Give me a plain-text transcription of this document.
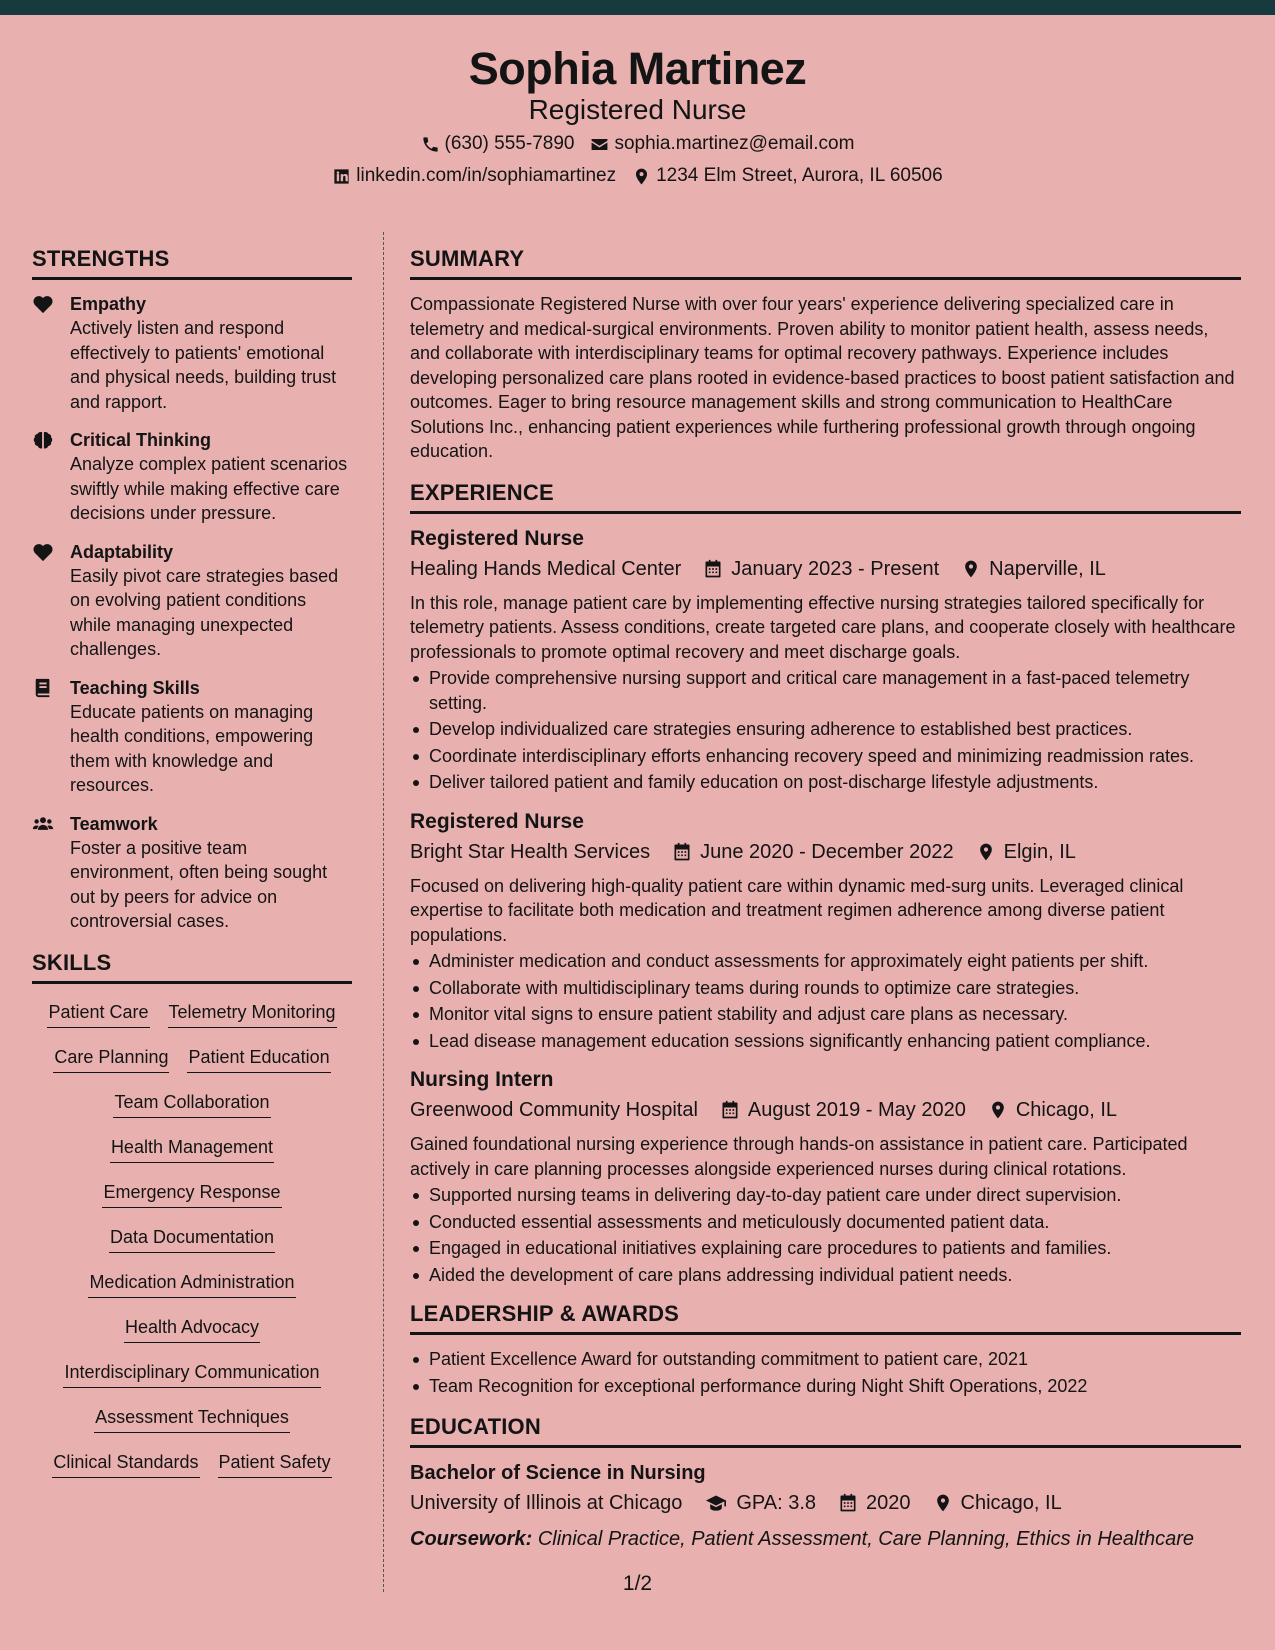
Sophia Martinez
Registered Nurse
(630) 555-7890 sophia.martinez@email.com
linkedin.com/in/sophiamartinez 1234 Elm Street, Aurora, IL 60506
STRENGTHS
Empathy
Actively listen and respond effectively to patients' emotional and physical needs, building trust and rapport.
Critical Thinking
Analyze complex patient scenarios swiftly while making effective care decisions under pressure.
Adaptability
Easily pivot care strategies based on evolving patient conditions while managing unexpected challenges.
Teaching Skills
Educate patients on managing health conditions, empowering them with knowledge and resources.
Teamwork
Foster a positive team environment, often being sought out by peers for advice on controversial cases.
SKILLS
Patient Care Telemetry Monitoring
Care Planning Patient Education
Team Collaboration
Health Management
Emergency Response
Data Documentation
Medication Administration
Health Advocacy
Interdisciplinary Communication
Assessment Techniques
Clinical Standards Patient Safety
SUMMARY
Compassionate Registered Nurse with over four years' experience delivering specialized care in telemetry and medical-surgical environments. Proven ability to monitor patient health, assess needs, and collaborate with interdisciplinary teams for optimal recovery pathways. Experience includes developing personalized care plans rooted in evidence-based practices to boost patient satisfaction and outcomes. Eager to bring resource management skills and strong communication to HealthCare Solutions Inc., enhancing patient experiences while furthering professional growth through ongoing education.
EXPERIENCE
Registered Nurse
Healing Hands Medical Center	January 2023 - Present	Naperville, IL
In this role, manage patient care by implementing effective nursing strategies tailored specifically for telemetry patients. Assess conditions, create targeted care plans, and cooperate closely with healthcare professionals to promote optimal recovery and meet discharge goals.
Provide comprehensive nursing support and critical care management in a fast-paced telemetry setting.
Develop individualized care strategies ensuring adherence to established best practices.
Coordinate interdisciplinary efforts enhancing recovery speed and minimizing readmission rates.
Deliver tailored patient and family education on post-discharge lifestyle adjustments.
Registered Nurse
Bright Star Health Services	June 2020 - December 2022	Elgin, IL
Focused on delivering high-quality patient care within dynamic med-surg units. Leveraged clinical expertise to facilitate both medication and treatment regimen adherence among diverse patient populations.
Administer medication and conduct assessments for approximately eight patients per shift.
Collaborate with multidisciplinary teams during rounds to optimize care strategies.
Monitor vital signs to ensure patient stability and adjust care plans as necessary.
Lead disease management education sessions significantly enhancing patient compliance.
Nursing Intern
Greenwood Community Hospital	August 2019 - May 2020	Chicago, IL
Gained foundational nursing experience through hands-on assistance in patient care. Participated actively in care planning processes alongside experienced nurses during clinical rotations.
Supported nursing teams in delivering day-to-day patient care under direct supervision.
Conducted essential assessments and meticulously documented patient data.
Engaged in educational initiatives explaining care procedures to patients and families.
Aided the development of care plans addressing individual patient needs.
LEADERSHIP & AWARDS
Patient Excellence Award for outstanding commitment to patient care, 2021
Team Recognition for exceptional performance during Night Shift Operations, 2022
EDUCATION
Bachelor of Science in Nursing
University of Illinois at Chicago	GPA: 3.8	2020	Chicago, IL
Coursework: Clinical Practice, Patient Assessment, Care Planning, Ethics in Healthcare
1/2
